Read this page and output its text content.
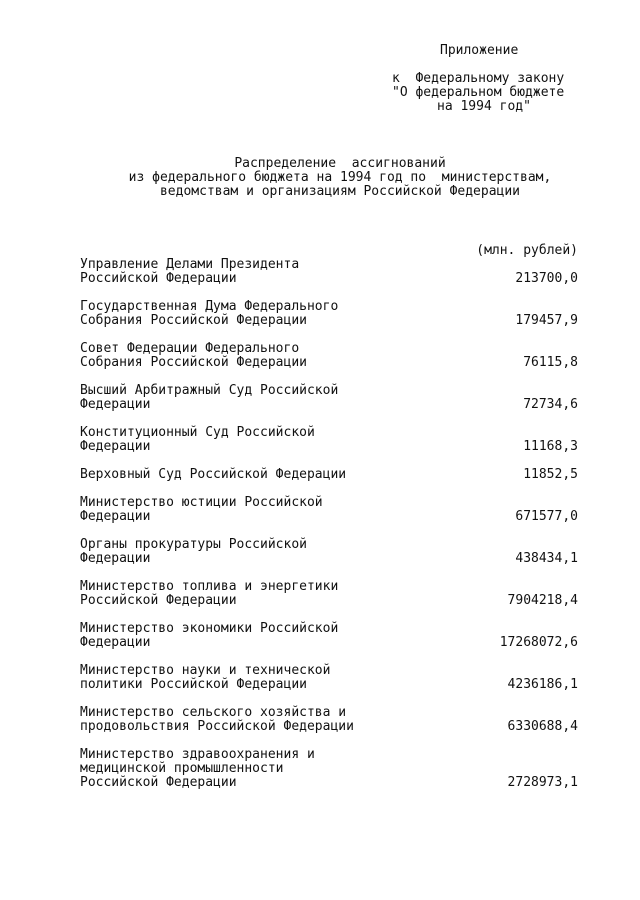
Приложение
к  Федеральному закону
"О федеральном бюджете
на 1994 год"
Распределение  ассигнований
из федерального бюджета на 1994 год по  министерствам,
ведомствам и организациям Российской Федерации
(млн. рублей)
Управление Делами Президента
Российской Федерации	213700,0
Государственная Дума Федерального
Собрания Российской Федерации	179457,9
Совет Федерации Федерального
Собрания Российской Федерации	76115,8
Высший Арбитражный Суд Российской
Федерации	72734,6
Конституционный Суд Российской
Федерации	11168,3
Верховный Суд Российской Федерации	11852,5
Министерство юстиции Российской
Федерации	671577,0
Органы прокуратуры Российской
Федерации	438434,1
Министерство топлива и энергетики
Российской Федерации	7904218,4
Министерство экономики Российской
Федерации	17268072,6
Министерство науки и технической
политики Российской Федерации	4236186,1
Министерство сельского хозяйства и
продовольствия Российской Федерации	6330688,4
Министерство здравоохранения и
медицинской промышленности
Российской Федерации	2728973,1
